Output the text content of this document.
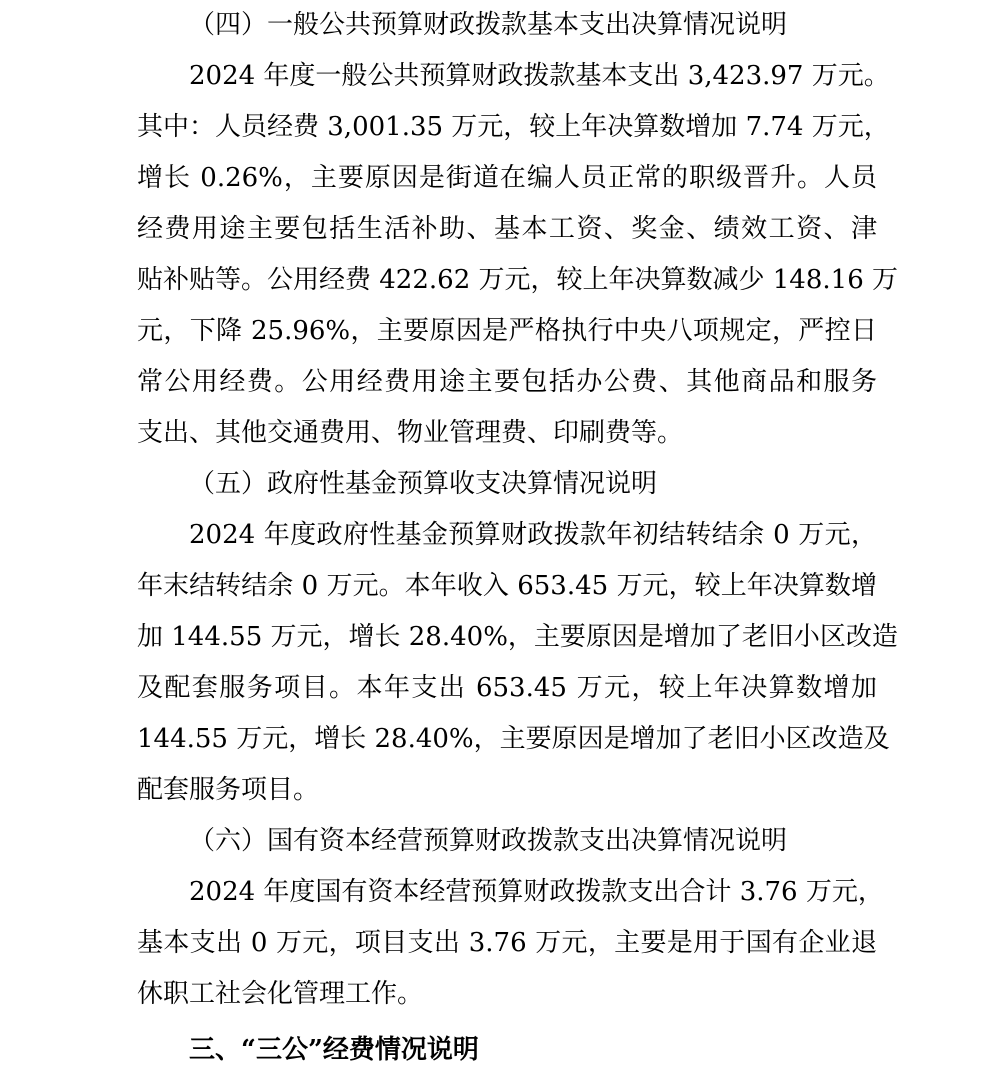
（四）一般公共预算财政拨款基本支出决算情况说明
2024 年度一般公共预算财政拨款基本支出 3,423.97 万元。
其中：人员经费 3,001.35 万元，较上年决算数增加 7.74 万元，
增长 0.26%，主要原因是街道在编人员正常的职级晋升。人员
经费用途主要包括生活补助、基本工资、奖金、绩效工资、津
贴补贴等。公用经费 422.62 万元，较上年决算数减少 148.16 万
元，下降 25.96%，主要原因是严格执行中央八项规定，严控日
常公用经费。公用经费用途主要包括办公费、其他商品和服务
支出、其他交通费用、物业管理费、印刷费等。
（五）政府性基金预算收支决算情况说明
2024 年度政府性基金预算财政拨款年初结转结余 0 万元，
年末结转结余 0 万元。本年收入 653.45 万元，较上年决算数增
加 144.55 万元，增长 28.40%，主要原因是增加了老旧小区改造
及配套服务项目。本年支出 653.45 万元，较上年决算数增加
144.55 万元，增长 28.40%，主要原因是增加了老旧小区改造及
配套服务项目。
（六）国有资本经营预算财政拨款支出决算情况说明
2024 年度国有资本经营预算财政拨款支出合计 3.76 万元，
基本支出 0 万元，项目支出 3.76 万元，主要是用于国有企业退
休职工社会化管理工作。
三、“三公”经费情况说明
